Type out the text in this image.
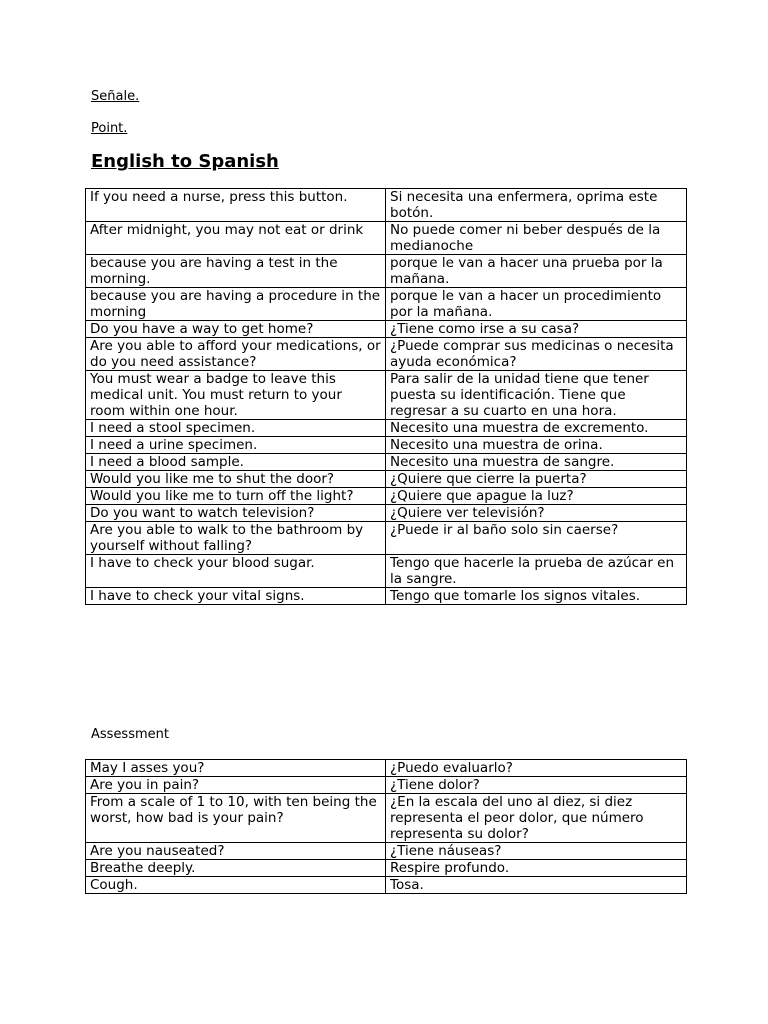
Señale.

Point.

English to Spanish
If you need a nurse, press this button.	Si necesita una enfermera, oprima este botón.
After midnight, you may not eat or drink	No puede comer ni beber después de la medianoche
because you are having a test in the morning.	porque le van a hacer una prueba por la mañana.
because you are having a procedure in the morning	porque le van a hacer un procedimiento por la mañana.
Do you have a way to get home?	¿Tiene como irse a su casa?
Are you able to afford your medications, or do you need assistance?	¿Puede comprar sus medicinas o necesita ayuda económica?
You must wear a badge to leave this medical unit. You must return to your room within one hour.	Para salir de la unidad tiene que tener puesta su identificación. Tiene que regresar a su cuarto en una hora.
I need a stool specimen.	Necesito una muestra de excremento.
I need a urine specimen.	Necesito una muestra de orina.
I need a blood sample.	Necesito una muestra de sangre.
Would you like me to shut the door?	¿Quiere que cierre la puerta?
Would you like me to turn off the light?	¿Quiere que apague la luz?
Do you want to watch television?	¿Quiere ver televisión?
Are you able to walk to the bathroom by yourself without falling?	¿Puede ir al baño solo sin caerse?
I have to check your blood sugar.	Tengo que hacerle la prueba de azúcar en la sangre.
I have to check your vital signs.	Tengo que tomarle los signos vitales.

Assessment

May I asses you?	¿Puedo evaluarlo?
Are you in pain?	¿Tiene dolor?
From a scale of 1 to 10, with ten being the worst, how bad is your pain?	¿En la escala del uno al diez, si diez representa el peor dolor, que número representa su dolor?
Are you nauseated?	¿Tiene náuseas?
Breathe deeply.	Respire profundo.
Cough.	Tosa.
